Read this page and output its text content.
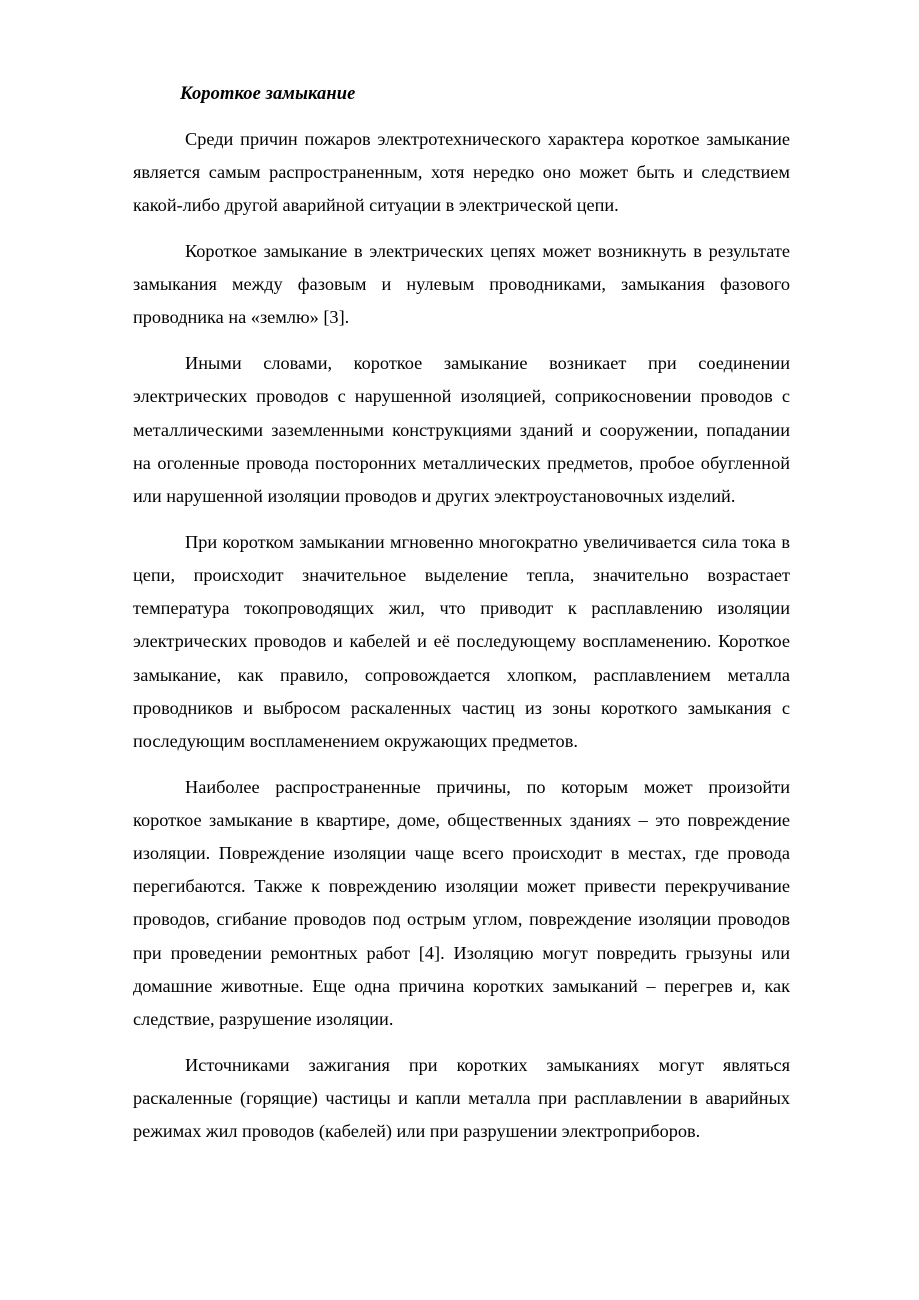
Короткое замыкание

Среди причин пожаров электротехнического характера короткое замыкание является самым распространенным, хотя нередко оно может быть и следствием какой-либо другой аварийной ситуации в электрической цепи.

Короткое замыкание в электрических цепях может возникнуть в результате замыкания между фазовым и нулевым проводниками, замыкания фазового проводника на «землю» [3].

Иными словами, короткое замыкание возникает при соединении электрических проводов с нарушенной изоляцией, соприкосновении проводов с металлическими заземленными конструкциями зданий и сооружении, попадании на оголенные провода посторонних металлических предметов, пробое обугленной или нарушенной изоляции проводов и других электроустановочных изделий.

При коротком замыкании мгновенно многократно увеличивается сила тока в цепи, происходит значительное выделение тепла, значительно возрастает температура токопроводящих жил, что приводит к расплавлению изоляции электрических проводов и кабелей и её последующему воспламенению. Короткое замыкание, как правило, сопровождается хлопком, расплавлением металла проводников и выбросом раскаленных частиц из зоны короткого замыкания с последующим воспламенением окружающих предметов.

Наиболее распространенные причины, по которым может произойти короткое замыкание в квартире, доме, общественных зданиях – это повреждение изоляции. Повреждение изоляции чаще всего происходит в местах, где провода перегибаются. Также к повреждению изоляции может привести перекручивание проводов, сгибание проводов под острым углом, повреждение изоляции проводов при проведении ремонтных работ [4]. Изоляцию могут повредить грызуны или домашние животные. Еще одна причина коротких замыканий – перегрев и, как следствие, разрушение изоляции.

Источниками зажигания при коротких замыканиях могут являться раскаленные (горящие) частицы и капли металла при расплавлении в аварийных режимах жил проводов (кабелей) или при разрушении электроприборов.
